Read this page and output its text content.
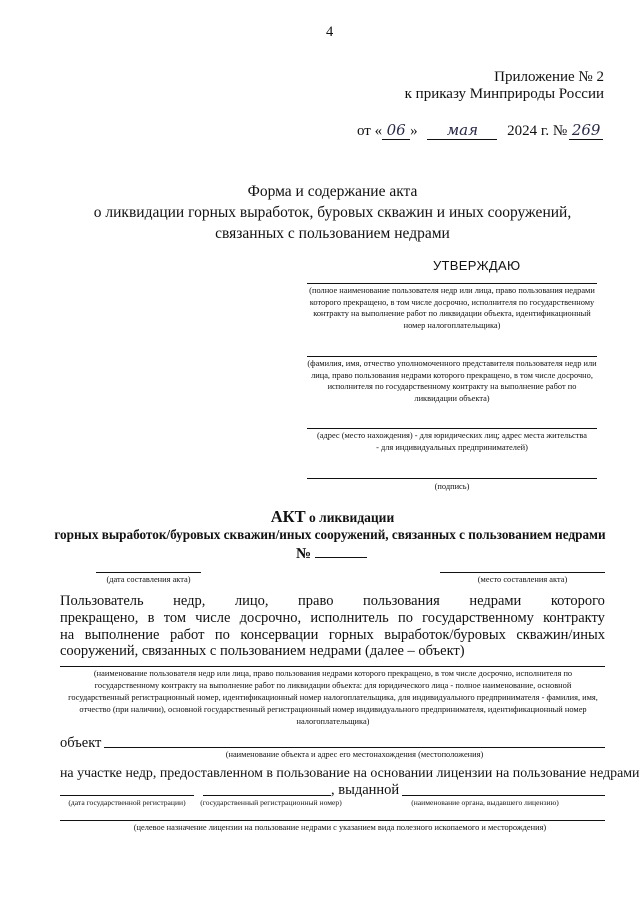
4
Приложение № 2
к приказу Минприроды России
от « 06 » мая 2024 г. № 269
Форма и содержание акта
о ликвидации горных выработок, буровых скважин и иных сооружений,
связанных с пользованием недрами
УТВЕРЖДАЮ
(полное наименование пользователя недр или лица, право пользования недрами которого прекращено, в том числе досрочно, исполнителя по государственному контракту на выполнение работ по ликвидации объекта, идентификационный номер налогоплательщика)
(фамилия, имя, отчество уполномоченного представителя пользователя недр или лица, право пользования недрами которого прекращено, в том числе досрочно, исполнителя по государственному контракту на выполнение работ по ликвидации объекта)
(адрес (место нахождения) - для юридических лиц; адрес места жительства - для индивидуальных предпринимателей)
(подпись)
АКТ о ликвидации
горных выработок/буровых скважин/иных сооружений, связанных с пользованием недрами
№
(дата составления акта)	(место составления акта)
Пользователь недр, лицо, право пользования недрами которого
прекращено, в том числе досрочно, исполнитель по государственному контракту
на выполнение работ по консервации горных выработок/буровых скважин/иных
сооружений, связанных с пользованием недрами (далее – объект)
(наименование пользователя недр или лица, право пользования недрами которого прекращено, в том числе досрочно, исполнителя по государственному контракту на выполнение работ по ликвидации объекта: для юридического лица - полное наименование, основной государственный регистрационный номер, идентификационный номер налогоплательщика, для индивидуального предпринимателя - фамилия, имя, отчество (при наличии), основной государственный регистрационный номер индивидуального предпринимателя, идентификационный номер налогоплательщика)
объект
(наименование объекта и адрес его местонахождения (местоположения)
на участке недр, предоставленном в пользование на основании лицензии на пользование недрами
, выданной
(дата государственной регистрации)	(государственный регистрационный номер)	(наименование органа, выдавшего лицензию)
(целевое назначение лицензии на пользование недрами с указанием вида полезного ископаемого и месторождения)
